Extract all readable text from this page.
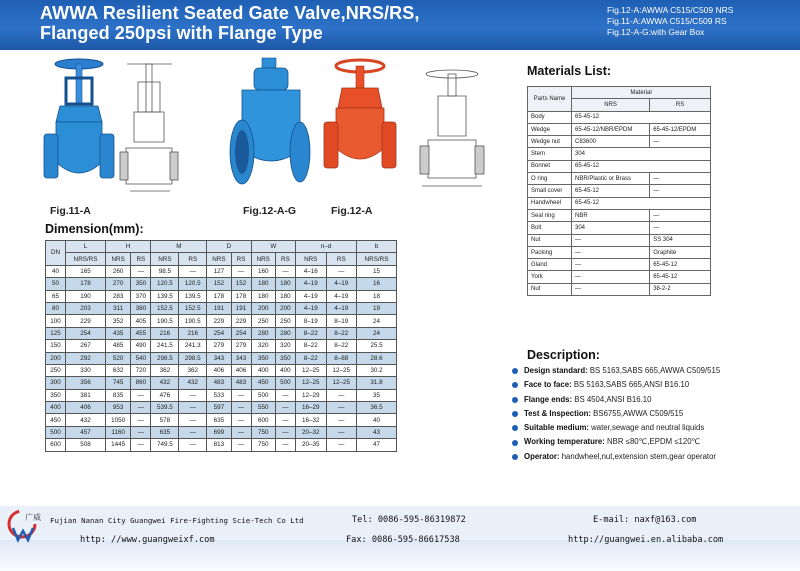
AWWA Resilient Seated Gate Valve,NRS/RS,
Flanged 250psi with Flange Type
Fig.12-A:AWWA C515/C509 NRS
Fig.11-A:AWWA C515/C509 RS
Fig.12-A-G:with Gear Box
Fig.11-A	Fig.12-A-G	Fig.12-A
Dimension(mm):
DN	L	H		M		D		W		n–d		b
	NRS/RS	NRS	RS	NRS	RS	NRS	RS	NRS	RS	NRS	RS	NRS/RS
40	165	260	—	98.5	—	127	—	160	—	4–16	—	15
50	178	270	350	120.5	120.5	152	152	180	180	4–19	4–19	16
65	190	283	370	139.5	139.5	178	178	180	180	4–19	4–19	18
80	203	311	380	152.5	152.5	191	191	200	200	4–19	4–19	19
100	229	352	405	190.5	190.5	229	229	250	250	8–19	8–19	24
125	254	435	455	216	216	254	254	280	280	8–22	8–22	24
150	267	485	490	241.5	241.3	279	279	320	320	8–22	8–22	25.5
200	292	520	540	298.5	298.5	343	343	350	350	8–22	8–88	28.6
250	330	632	720	362	362	406	406	400	400	12–25	12–25	30.2
300	356	745	860	432	432	483	483	450	500	12–25	12–25	31.8
350	381	835	—	476	—	533	—	500	—	12–29	—	35
400	406	953	—	539.5	—	597	—	550	—	16–29	—	36.5
450	432	1050	—	578	—	635	—	600	—	16–32	—	40
500	457	1160	—	635	—	699	—	750	—	20–32	—	43
600	508	1445	—	749.5	—	813	—	750	—	20–35	—	47
Materials List:
Parts Name	Material	
	NRS	RS
Body	65-45-12	
Wedge	65-45-12/NBR/EPDM	65-45-12/EPDM
Wedge nut	C83600	—
Stem	304	
Bonnet	65-45-12	
O ring	NBR/Plastic or Brass	—
Small cover	65-45-12	—
Handwheel	65-45-12	
Seal ring	NBR	—
Bolt	304	—
Nut	—	SS 304
Packing	—	Graphite
Gland	—	65-45-12
York	—	65-45-12
Nut	—	38-2-2
Description:
Design standard: BS 5163,SABS 665,AWWA C509/515
Face to face: BS 5163,SABS 665,ANSI B16.10
Flange ends: BS 4504,ANSI B16.10
Test & Inspection: BS6755,AWWA C509/515
Suitable medium: water,sewage and neutral liquids
Working temperature: NBR ≤80℃,EPDM ≤120℃
Operator: handwheel,nut,extension stem,gear operator
Fujian Nanan City Guangwei Fire-Fighting Scie-Tech Co Ltd	Tel: 0086-595-86319872	E-mail: naxf@163.com
http: //www.guangweixf.com	Fax: 0086-595-86617538	http://guangwei.en.alibaba.com
广威
